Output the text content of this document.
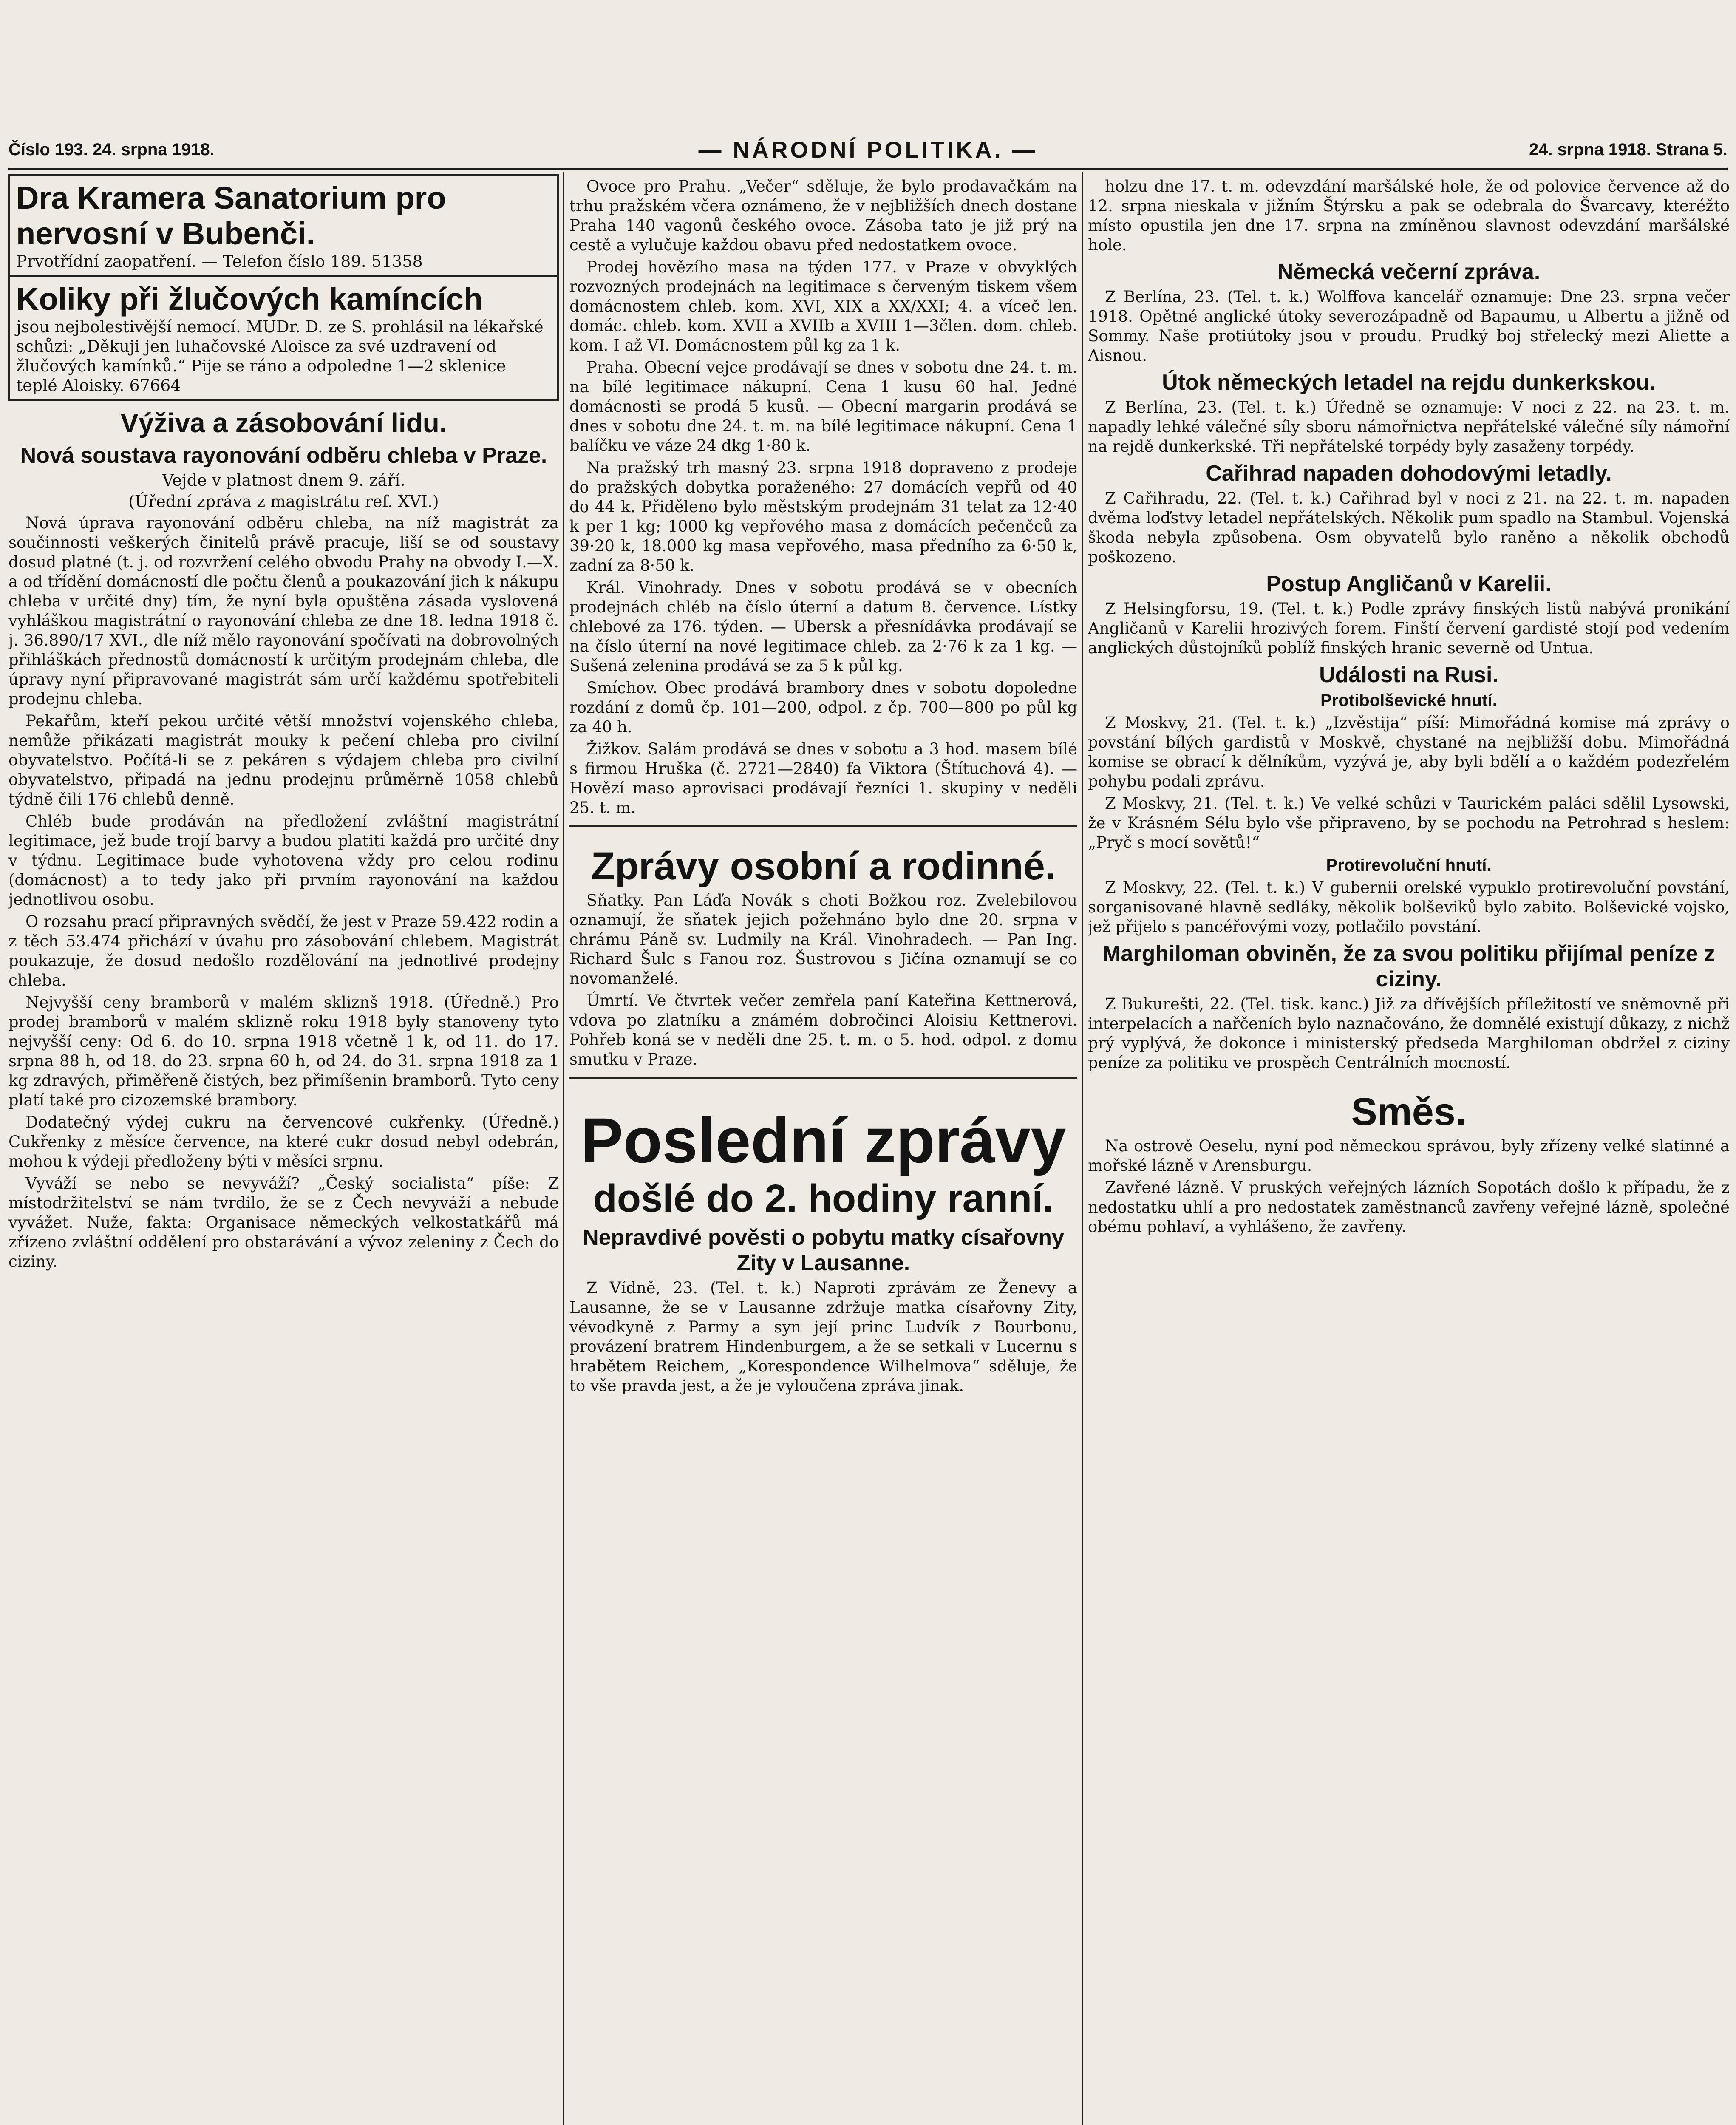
Číslo 193. 24. srpna 1918.	— NÁRODNÍ POLITIKA. —	24. srpna 1918. Strana 5.
Dra Kramera Sanatorium pro nervosní v Bubenči.
Prvotřídní zaopatření. — Telefon číslo 189. 51358
Koliky při žlučových kamíncích
jsou nejbolestivější nemocí. MUDr. D. ze S. prohlásil na lékařské schůzi: „Děkuji jen luhačovské Aloisce za své uzdravení od žlučových kamínků.“ Pije se ráno a odpoledne 1—2 sklenice teplé Aloisky. 67664
Výživa a zásobování lidu.
Nová soustava rayonování odběru chleba v Praze.
Vejde v platnost dnem 9. září.
(Úřední zpráva z magistrátu ref. XVI.)

Nová úprava rayonování odběru chleba, na níž magistrát za součinnosti veškerých činitelů právě pracuje, liší se od soustavy dosud platné (t. j. od rozvržení celého obvodu Prahy na obvody I.—X. a od třídění domácností dle počtu členů a poukazování jich k nákupu chleba v určité dny) tím, že nyní byla opuštěna zásada vyslovená vyhláškou magistrátní o rayonování chleba ze dne 18. ledna 1918 č. j. 36.890/17 XVI., dle níž mělo rayonování spočívati na dobrovolných přihláškách přednostů domácností k určitým prodejnám chleba, dle úpravy nyní připravované magistrát sám určí každému spotřebiteli prodejnu chleba.

Pekařům, kteří pekou určité větší množství vojenského chleba, nemůže přikázati magistrát mouky k pečení chleba pro civilní obyvatelstvo. Počítá-li se z pekáren s výdajem chleba pro civilní obyvatelstvo, připadá na jednu prodejnu průměrně 1058 chlebů týdně čili 176 chlebů denně.

Chléb bude prodáván na předložení zvláštní magistrátní legitimace, jež bude trojí barvy a budou platiti každá pro určité dny v týdnu. Legitimace bude vyhotovena vždy pro celou rodinu (domácnost) a to tedy jako při prvním rayonování na každou jednotlivou osobu.

O rozsahu prací připravných svědčí, že jest v Praze 59.422 rodin a z těch 53.474 přichází v úvahu pro zásobování chlebem. Magistrát poukazuje, že dosud nedošlo rozdělování na jednotlivé prodejny chleba.

Nejvyšší ceny bramborů v malém skliznš 1918. (Úředně.) Pro prodej bramborů v malém sklizně roku 1918 byly stanoveny tyto nejvyšší ceny: Od 6. do 10. srpna 1918 včetně 1 k, od 11. do 17. srpna 88 h, od 18. do 23. srpna 60 h, od 24. do 31. srpna 1918 za 1 kg zdravých, přiměřeně čistých, bez přimíšenin bramborů. Tyto ceny platí také pro cizozemské brambory.

Dodatečný výdej cukru na červencové cukřenky. (Úředně.) Cukřenky z měsíce července, na které cukr dosud nebyl odebrán, mohou k výdeji předloženy býti v měsíci srpnu.

Vyváží se nebo se nevyváží? „Český socialista“ píše: Z místodržitelství se nám tvrdilo, že se z Čech nevyváží a nebude vyvážet. Nuže, fakta: Organisace německých velkostatkářů má zřízeno zvláštní oddělení pro obstarávání a vývoz zeleniny z Čech do ciziny.

Ovoce pro Prahu. „Večer“ sděluje, že bylo prodavačkám na trhu pražském včera oznámeno, že v nejbližších dnech dostane Praha 140 vagonů českého ovoce. Zásoba tato je již prý na cestě a vylučuje každou obavu před nedostatkem ovoce.

Prodej hovězího masa na týden 177. v Praze v obvyklých rozvozných prodejnách na legitimace s červeným tiskem všem domácnostem chleb. kom. XVI, XIX a XX/XXI; 4. a víceč len. domác. chleb. kom. XVII a XVIIb a XVIII 1—3člen. dom. chleb. kom. I až VI. Domácnostem půl kg za 1 k.

Praha. Obecní vejce prodávají se dnes v sobotu dne 24. t. m. na bílé legitimace nákupní. Cena 1 kusu 60 hal. Jedné domácnosti se prodá 5 kusů. — Obecní margarin prodává se dnes v sobotu dne 24. t. m. na bílé legitimace nákupní. Cena 1 balíčku ve váze 24 dkg 1·80 k.

Na pražský trh masný 23. srpna 1918 dopraveno z prodeje do pražských dobytka poraženého: 27 domácích vepřů od 40 do 44 k. Přiděleno bylo městským prodejnám 31 telat za 12·40 k per 1 kg; 1000 kg vepřového masa z domácích pečenčců za 39·20 k, 18.000 kg masa vepřového, masa předního za 6·50 k, zadní za 8·50 k.

Král. Vinohrady. Dnes v sobotu prodává se v obecních prodejnách chléb na číslo úterní a datum 8. července. Lístky chlebové za 176. týden. — Ubersk a přesnídávka prodávají se na číslo úterní na nové legitimace chleb. za 2·76 k za 1 kg. — Sušená zelenina prodává se za 5 k půl kg.

Smíchov. Obec prodává brambory dnes v sobotu dopoledne rozdání z domů čp. 101—200, odpol. z čp. 700—800 po půl kg za 40 h.

Žižkov. Salám prodává se dnes v sobotu a 3 hod. masem bílé s firmou Hruška (č. 2721—2840) fa Viktora (Štítuchová 4). — Hovězí maso aprovisaci prodávají řezníci 1. skupiny v neděli 25. t. m.

Zprávy osobní a rodinné.

Sňatky. Pan Láďa Novák s choti Božkou roz. Zvelebilovou oznamují, že sňatek jejich požehnáno bylo dne 20. srpna v chrámu Páně sv. Ludmily na Král. Vinohradech. — Pan Ing. Richard Šulc s Fanou roz. Šustrovou s Jičína oznamují se co novomanželé.

Úmrtí. Ve čtvrtek večer zemřela paní Kateřina Kettnerová, vdova po zlatníku a známém dobročinci Aloisiu Kettnerovi. Pohřeb koná se v neděli dne 25. t. m. o 5. hod. odpol. z domu smutku v Praze.

Poslední zprávy
došlé do 2. hodiny ranní.
Nepravdivé pověsti o pobytu matky císařovny Zity v Lausanne.

Z Vídně, 23. (Tel. t. k.) Naproti zprávám ze Ženevy a Lausanne, že se v Lausanne zdržuje matka císařovny Zity, vévodkyně z Parmy a syn její princ Ludvík z Bourbonu, provázení bratrem Hindenburgem, a že se setkali v Lucernu s hrabětem Reichem, „Korespondence Wilhelmova“ sděluje, že to vše pravda jest, a že je vyloučena zpráva jinak.

holzu dne 17. t. m. odevzdání maršálské hole, že od polovice července až do 12. srpna nieskala v jižním Štýrsku a pak se odebrala do Švarcavy, kteréžto místo opustila jen dne 17. srpna na zmíněnou slavnost odevzdání maršálské hole.

Německá večerní zpráva.

Z Berlína, 23. (Tel. t. k.) Wolffova kancelář oznamuje: Dne 23. srpna večer 1918. Opětné anglické útoky severozápadně od Bapaumu, u Albertu a jižně od Sommy. Naše protiútoky jsou v proudu. Prudký boj střelecký mezi Aliette a Aisnou.

Útok německých letadel na rejdu dunkerkskou.

Z Berlína, 23. (Tel. t. k.) Úředně se oznamuje: V noci z 22. na 23. t. m. napadly lehké válečné síly sboru námořnictva nepřátelské válečné síly námořní na rejdě dunkerkské. Tři nepřátelské torpédy byly zasaženy torpédy.

Cařihrad napaden dohodovými letadly.

Z Cařihradu, 22. (Tel. t. k.) Cařihrad byl v noci z 21. na 22. t. m. napaden dvěma loďstvy letadel nepřátelských. Několik pum spadlo na Stambul. Vojenská škoda nebyla způsobena. Osm obyvatelů bylo raněno a několik obchodů poškozeno.

Postup Angličanů v Karelii.

Z Helsingforsu, 19. (Tel. t. k.) Podle zprávy finských listů nabývá pronikání Angličanů v Karelii hrozivých forem. Finští červení gardisté stojí pod vedením anglických důstojníků poblíž finských hranic severně od Untua.

Události na Rusi.
Protibolševické hnutí.

Z Moskvy, 21. (Tel. t. k.) „Izvěstija“ píší: Mimořádná komise má zprávy o povstání bílých gardistů v Moskvě, chystané na nejbližší dobu. Mimořádná komise se obrací k dělníkům, vyzývá je, aby byli bdělí a o každém podezřelém pohybu podali zprávu.

Z Moskvy, 21. (Tel. t. k.) Ve velké schůzi v Taurickém paláci sdělil Lysowski, že v Krásném Sélu bylo vše připraveno, by se pochodu na Petrohrad s heslem: „Pryč s mocí sovětů!“

Protirevoluční hnutí.

Z Moskvy, 22. (Tel. t. k.) V gubernii orelské vypuklo protirevoluční povstání, sorganisované hlavně sedláky, několik bolševiků bylo zabito. Bolševické vojsko, jež přijelo s pancéřovými vozy, potlačilo povstání.

Marghiloman obviněn, že za svou politiku přijímal peníze z ciziny.

Z Bukurešti, 22. (Tel. tisk. kanc.) Již za dřívějších příležitostí ve sněmovně při interpelacích a nařčeních bylo naznačováno, že domnělé existují důkazy, z nichž prý vyplývá, že dokonce i ministerský předseda Marghiloman obdržel z ciziny peníze za politiku ve prospěch Centrálních mocností.

Směs.

Na ostrově Oeselu, nyní pod německou správou, byly zřízeny velké slatinné a mořské lázně v Arensburgu.

Zavřené lázně. V pruských veřejných lázních Sopotách došlo k případu, že z nedostatku uhlí a pro nedostatek zaměstnanců zavřeny veřejné lázně, společné obému pohlaví, a vyhlášeno, že zavřeny.
